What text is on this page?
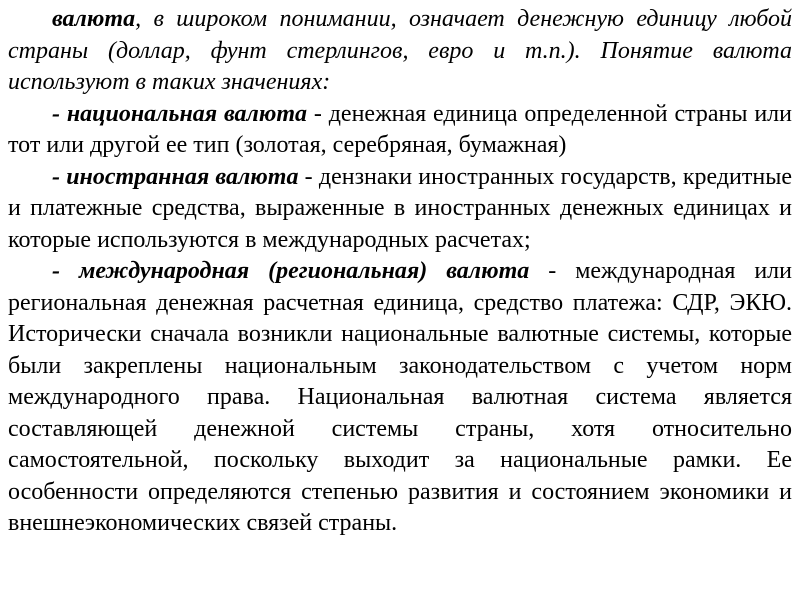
валюта, в широком понимании, означает денежную единицу любой страны (доллар, фунт стерлингов, евро и т.п.). Понятие валюта используют в таких значениях:

- национальная валюта - денежная единица определенной страны или тот или другой ее тип (золотая, серебряная, бумажная)

- иностранная валюта - дензнаки иностранных государств, кредитные и платежные средства, выраженные в иностранных денежных единицах и которые используются в международных расчетах;

- международная (региональная) валюта - международная или региональная денежная расчетная единица, средство платежа: СДР, ЭКЮ. Исторически сначала возникли национальные валютные системы, которые были закреплены национальным законодательством с учетом норм международного права. Национальная валютная система является составляющей денежной системы страны, хотя относительно самостоятельной, поскольку выходит за национальные рамки. Ее особенности определяются степенью развития и состоянием экономики и внешнеэкономических связей страны.
